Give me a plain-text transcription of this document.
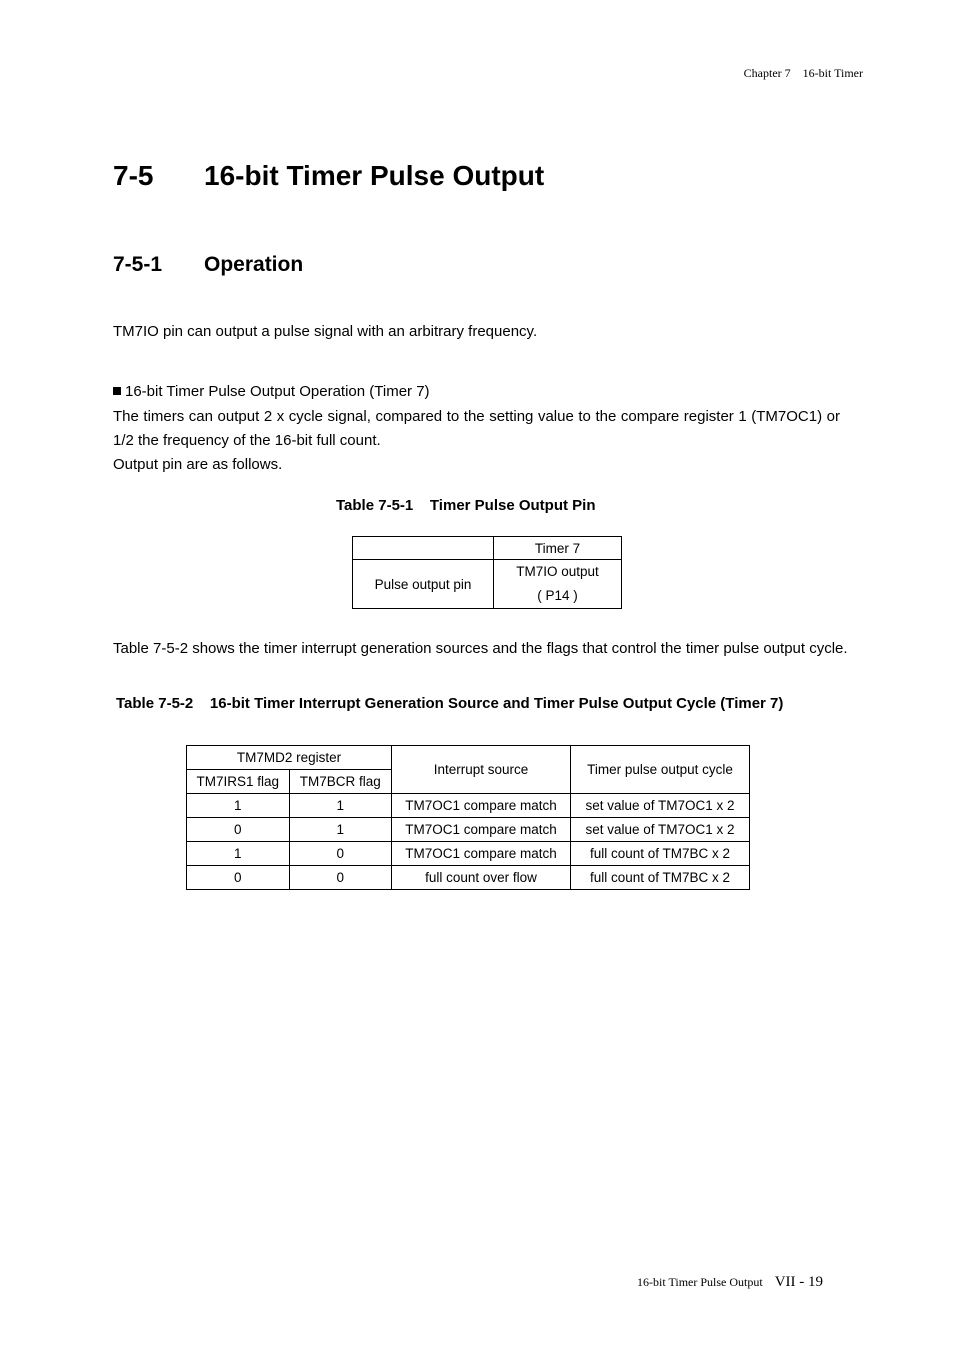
Chapter 7    16-bit Timer
7-5 16-bit Timer Pulse Output
7-5-1 Operation

TM7IO pin can output a pulse signal with an arbitrary frequency.

16-bit Timer Pulse Output Operation (Timer 7)

The timers can output 2 x cycle signal, compared to the setting value to the compare register 1 (TM7OC1) or 1/2 the frequency of the 16-bit full count.

Output pin are as follows.

Table 7-5-1    Timer Pulse Output Pin
	Timer 7
Pulse output pin	TM7IO output
( P14 )

Table 7-5-2 shows the timer interrupt generation sources and the flags that control the timer pulse output cycle.

Table 7-5-2    16-bit Timer Interrupt Generation Source and Timer Pulse Output Cycle (Timer 7)
TM7MD2 register		Interrupt source	Timer pulse output cycle
TM7IRS1 flag	TM7BCR flag		
1	1	TM7OC1 compare match	set value of TM7OC1 x 2
0	1	TM7OC1 compare match	set value of TM7OC1 x 2
1	0	TM7OC1 compare match	full count of TM7BC x 2
0	0	full count over flow	full count of TM7BC x 2
16-bit Timer Pulse Output VII - 19
